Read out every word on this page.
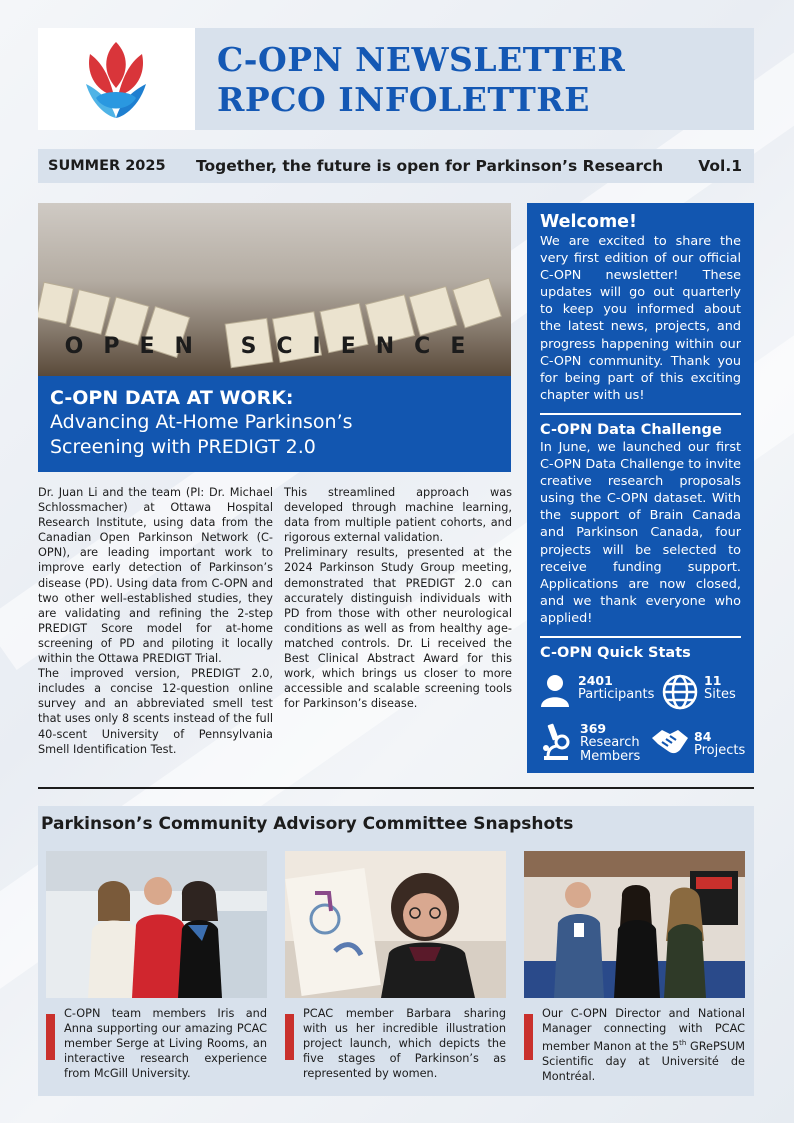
C-OPN NEWSLETTER
RPCO INFOLETTRE
SUMMER 2025	Together, the future is open for Parkinson’s Research	Vol.1
OPEN SCIENCE
C-OPN DATA AT WORK:
Advancing At-Home Parkinson’s
Screening with PREDIGT 2.0

Dr. Juan Li and the team (PI: Dr. Michael Schlossmacher) at Ottawa Hospital Research Institute, using data from the Canadian Open Parkinson Network (C-OPN), are leading important work to improve early detection of Parkinson’s disease (PD). Using data from C-OPN and two other well-established studies, they are validating and refining the 2-step PREDIGT Score model for at-home screening of PD and piloting it locally within the Ottawa PREDIGT Trial.

The improved version, PREDIGT 2.0, includes a concise 12-question online survey and an abbreviated smell test that uses only 8 scents instead of the full 40-scent University of Pennsylvania Smell Identification Test.

This streamlined approach was developed through machine learning, data from multiple patient cohorts, and rigorous external validation.

Preliminary results, presented at the 2024 Parkinson Study Group meeting, demonstrated that PREDIGT 2.0 can accurately distinguish individuals with PD from those with other neurological conditions as well as from healthy age-matched controls. Dr. Li received the Best Clinical Abstract Award for this work, which brings us closer to more accessible and scalable screening tools for Parkinson’s disease.

Welcome!

We are excited to share the very first edition of our official C-OPN newsletter! These updates will go out quarterly to keep you informed about the latest news, projects, and progress happening within our C-OPN community. Thank you for being part of this exciting chapter with us!

C-OPN Data Challenge

In June, we launched our first C-OPN Data Challenge to invite creative research proposals using the C-OPN dataset. With the support of Brain Canada and Parkinson Canada, four projects will be selected to receive funding support. Applications are now closed, and we thank everyone who applied!

C-OPN Quick Stats
2401
Participants
11
Sites
369
Research
Members
84
Projects
Parkinson’s Community Advisory Committee Snapshots
C-OPN team members Iris and Anna supporting our amazing PCAC member Serge at Living Rooms, an interactive research experience from McGill University.
PCAC member Barbara sharing with us her incredible illustration project launch, which depicts the five stages of Parkinson’s as represented by women.
Our C-OPN Director and National Manager connecting with PCAC member Manon at the 5th GRePSUM Scientific day at Université de Montréal.
